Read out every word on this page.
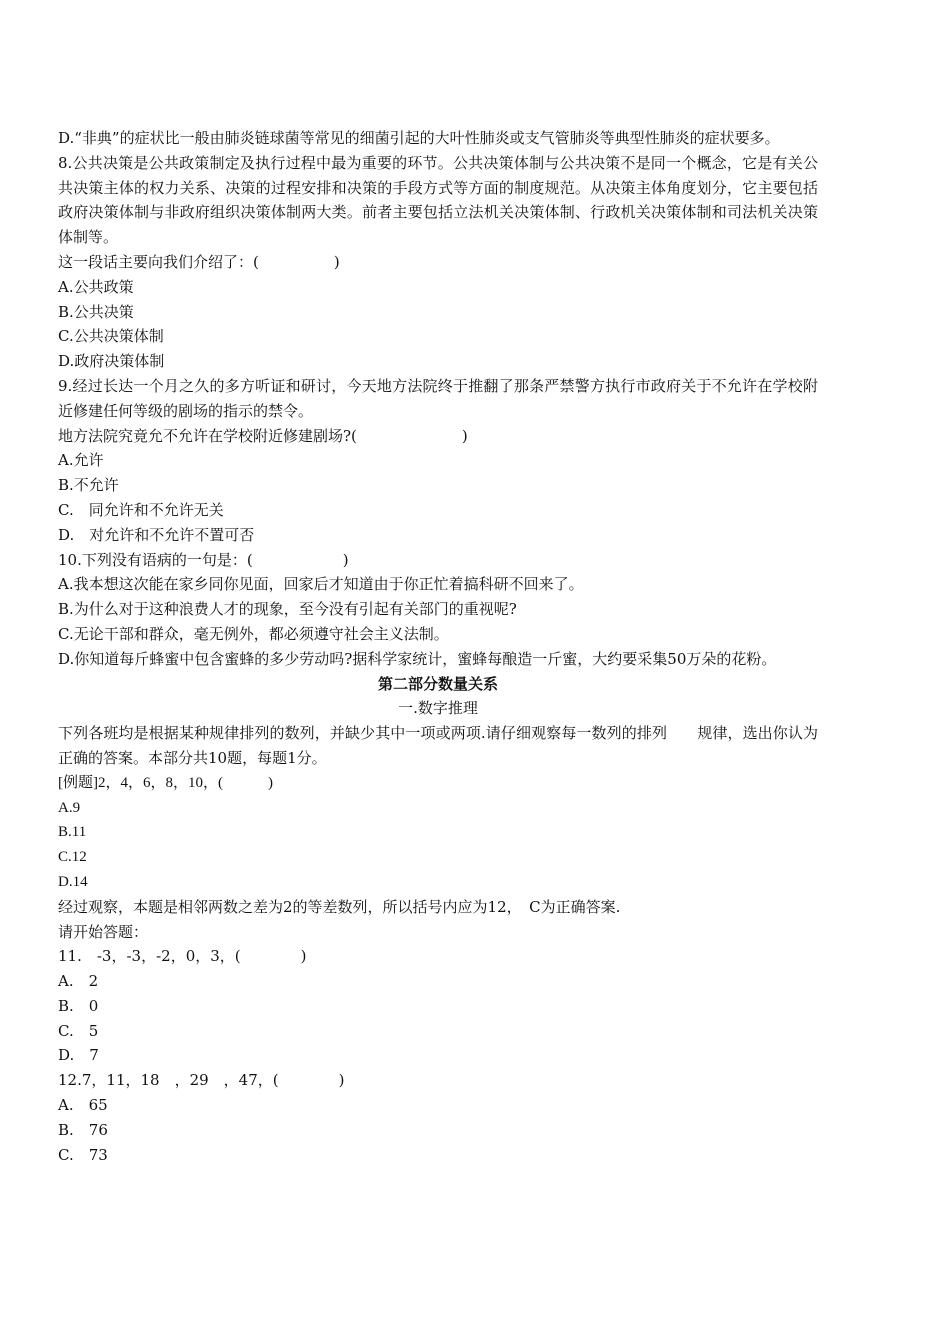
D.“非典”的症状比一般由肺炎链球菌等常见的细菌引起的大叶性肺炎或支气管肺炎等典型性肺炎的症状要多。
8.公共决策是公共政策制定及执行过程中最为重要的环节。公共决策体制与公共决策不是同一个概念，它是有关公共决策主体的权力关系、决策的过程安排和决策的手段方式等方面的制度规范。从决策主体角度划分，它主要包括政府决策体制与非政府组织决策体制两大类。前者主要包括立法机关决策体制、行政机关决策体制和司法机关决策体制等。
这一段话主要向我们介绍了：(　　　　　)
A.公共政策
B.公共决策
C.公共决策体制
D.政府决策体制
9.经过长达一个月之久的多方听证和研讨，今天地方法院终于推翻了那条严禁警方执行市政府关于不允许在学校附近修建任何等级的剧场的指示的禁令。
地方法院究竟允不允许在学校附近修建剧场?(　　　　　　　)
A.允许
B.不允许
C.　同允许和不允许无关
D.　对允许和不允许不置可否
10.下列没有语病的一句是：(　　　　　　)
A.我本想这次能在家乡同你见面，回家后才知道由于你正忙着搞科研不回来了。
B.为什么对于这种浪费人才的现象，至今没有引起有关部门的重视呢?
C.无论干部和群众，毫无例外，都必须遵守社会主义法制。
D.你知道每斤蜂蜜中包含蜜蜂的多少劳动吗?据科学家统计，蜜蜂每酿造一斤蜜，大约要采集50万朵的花粉。
第二部分数量关系
一.数字推理
下列各班均是根据某种规律排列的数列，并缺少其中一项或两项.请仔细观察每一数列的排列　　规律，选出你认为正确的答案。本部分共10题，每题1分。
[例题]2，4，6，8，10，(　　　)
A.9
B.11
C.12
D.14
经过观察，本题是相邻两数之差为2的等差数列，所以括号内应为12，　C为正确答案.
请开始答题：
11.　-3，-3，-2，0，3，(　　　　)
A.　2
B.　0
C.　5
D.　7
12.7，11，18　，29　，47，(　　　　)
A.　65
B.　76
C.　73
